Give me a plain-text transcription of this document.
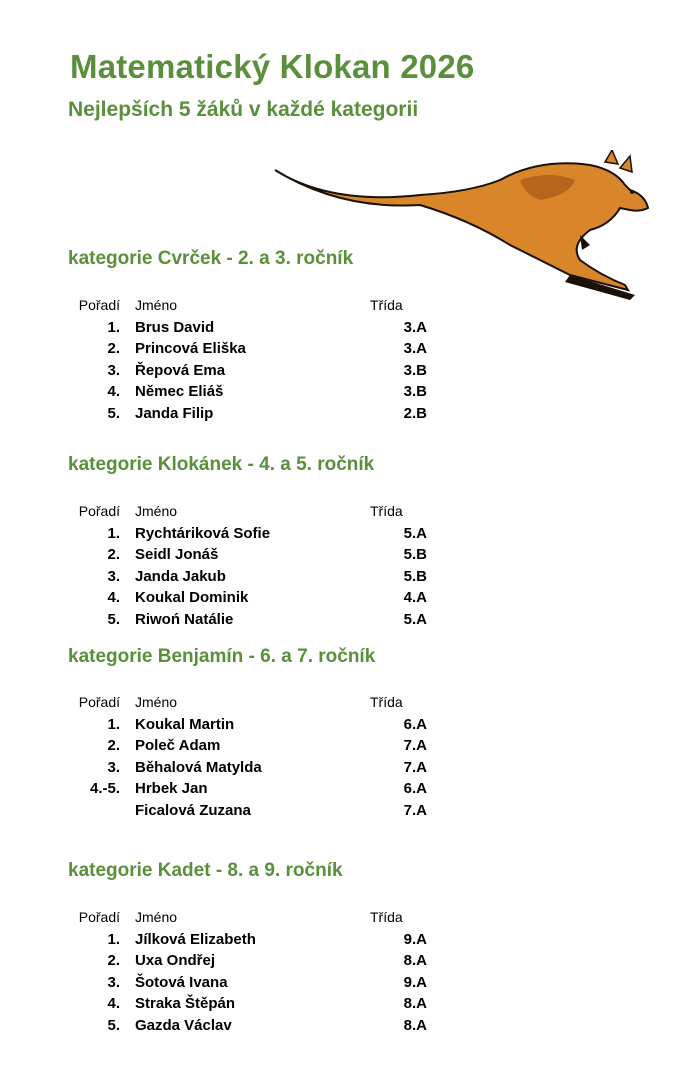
Matematický Klokan 2026
Nejlepších 5 žáků v každé kategorii
kategorie Cvrček - 2. a 3. ročník
Pořadí Jméno	Třída
1. Brus David	3.A
2. Princová Eliška	3.A
3. Řepová Ema	3.B
4. Němec Eliáš	3.B
5. Janda Filip	2.B
kategorie Klokánek - 4. a 5. ročník
Pořadí Jméno	Třída
1. Rychtáriková Sofie	5.A
2. Seidl Jonáš	5.B
3. Janda Jakub	5.B
4. Koukal Dominik	4.A
5. Riwoń Natálie	5.A
kategorie Benjamín - 6. a 7. ročník
Pořadí Jméno	Třída
1. Koukal Martin	6.A
2. Poleč Adam	7.A
3. Běhalová Matylda	7.A
4.-5. Hrbek Jan	6.A
Ficalová Zuzana	7.A
kategorie Kadet - 8. a 9. ročník
Pořadí Jméno	Třída
1. Jílková Elizabeth	9.A
2. Uxa Ondřej	8.A
3. Šotová Ivana	9.A
4. Straka Štěpán	8.A
5. Gazda Václav	8.A
